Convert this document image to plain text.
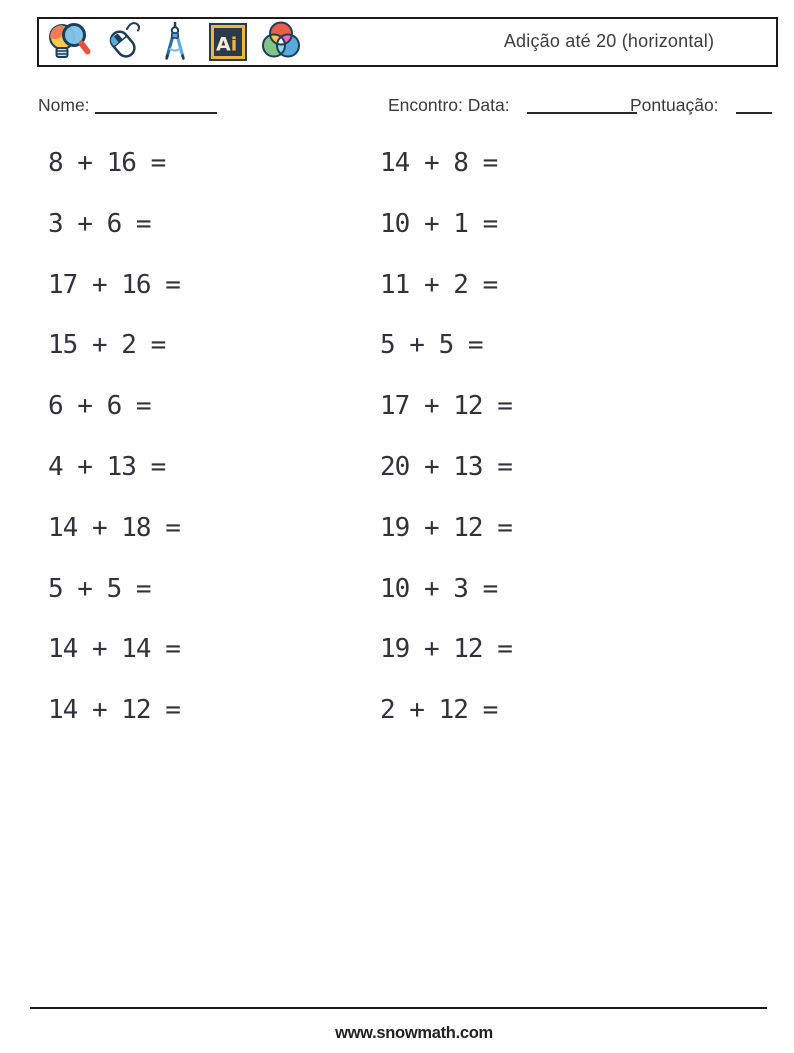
Ai	Adição até 20 (horizontal)
Nome:	Encontro: Data:	Pontuação:
8 + 16 =
3 + 6 =
17 + 16 =
15 + 2 =
6 + 6 =
4 + 13 =
14 + 18 =
5 + 5 =
14 + 14 =
14 + 12 =
14 + 8 =
10 + 1 =
11 + 2 =
5 + 5 =
17 + 12 =
20 + 13 =
19 + 12 =
10 + 3 =
19 + 12 =
2 + 12 =
www.snowmath.com
